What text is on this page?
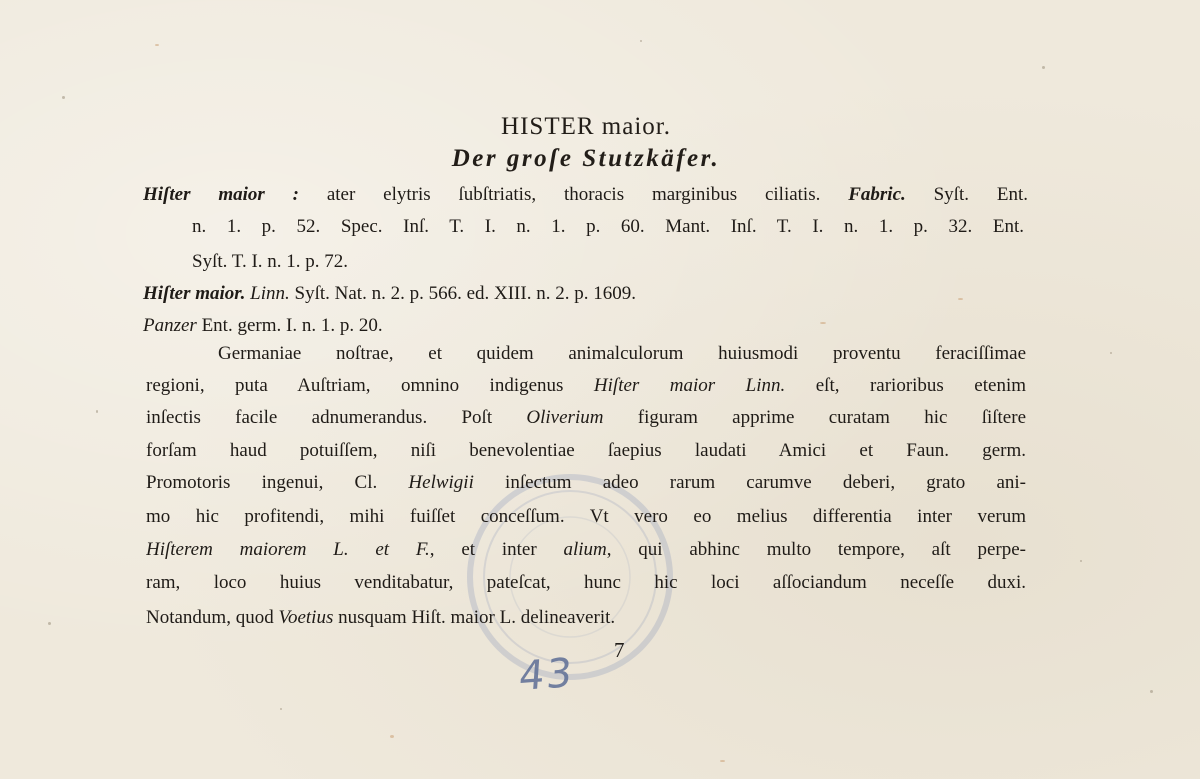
HISTER maior.
Der groſe Stutzkäfer.
Hiſter maior : ater elytris ſubſtriatis, thoracis marginibus ciliatis. Fabric. Syſt. Ent.
n. 1. p. 52. Spec. Inſ. T. I. n. 1. p. 60. Mant. Inſ. T. I. n. 1. p. 32. Ent.
Syſt. T. I. n. 1. p. 72.
Hiſter maior. Linn. Syſt. Nat. n. 2. p. 566. ed. XIII. n. 2. p. 1609.
Panzer Ent. germ. I. n. 1. p. 20.
Germaniae noſtrae, et quidem animalculorum huiusmodi proventu feraciſſimae
regioni, puta Auſtriam, omnino indigenus Hiſter maior Linn. eſt, rarioribus etenim
inſectis facile adnumerandus. Poſt Oliverium figuram apprime curatam hic ſiſtere
forſam haud potuiſſem, niſi benevolentiae ſaepius laudati Amici et Faun. germ.
Promotoris ingenui, Cl. Helwigii inſectum adeo rarum carumve deberi, grato ani-
mo hic profitendi, mihi fuiſſet conceſſum. Vt vero eo melius differentia inter verum
Hiſterem maiorem L. et F., et inter alium, qui abhinc multo tempore, aſt perpe-
ram, loco huius venditabatur, pateſcat, hunc hic loci aſſociandum neceſſe duxi.
Notandum, quod Voetius nusquam Hiſt. maior L. delineaverit.
7
43
